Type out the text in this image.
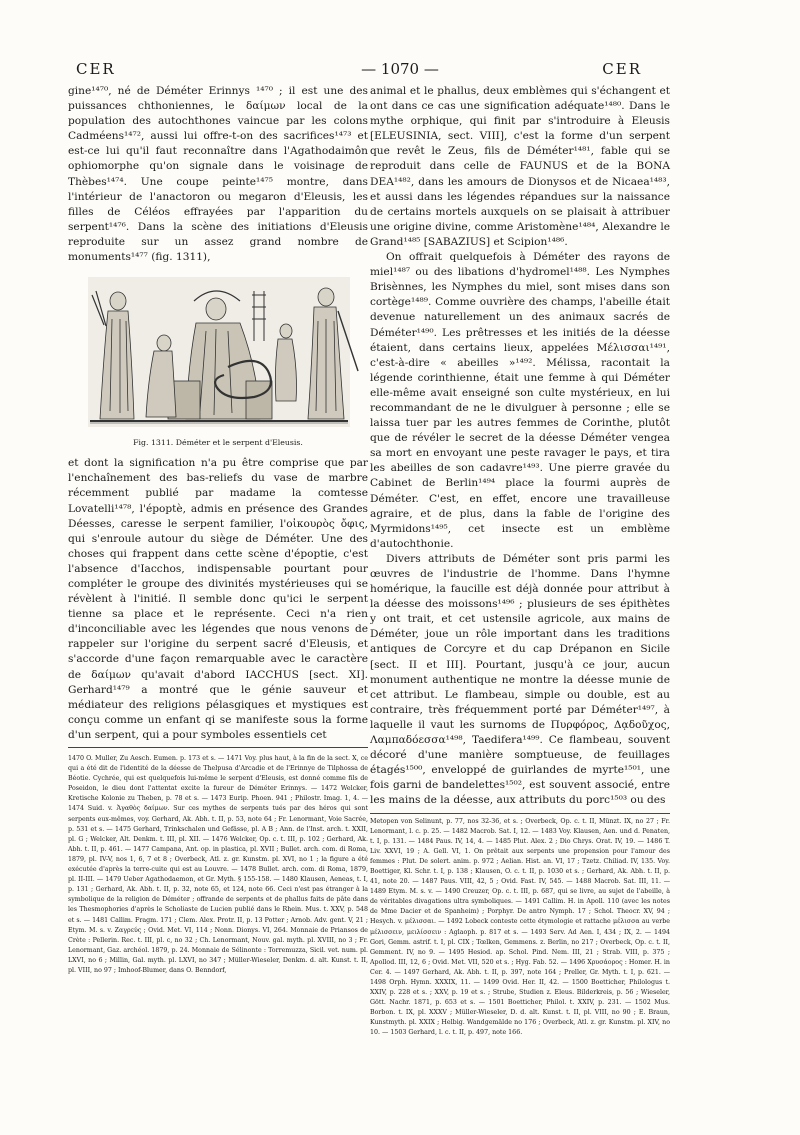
CER	— 1070 —	CER

gine¹⁴⁷⁰, né de Déméter Erinnys ¹⁴⁷⁰ ; il est une des puissances chthoniennes, le δαίμων local de la population des autochthones vaincue par les colons Cadméens¹⁴⁷², aussi lui offre-t-on des sacrifices¹⁴⁷³ et est-ce lui qu'il faut reconnaître dans l'Agathodaimôn ophiomorphe qu'on signale dans le voisinage de Thèbes¹⁴⁷⁴. Une coupe peinte¹⁴⁷⁵ montre, dans l'intérieur de l'anactoron ou megaron d'Eleusis, les filles de Céléos effrayées par l'apparition du serpent¹⁴⁷⁶. Dans la scène des initiations d'Eleusis reproduite sur un assez grand nombre de monuments¹⁴⁷⁷ (fig. 1311),

Fig. 1311. Déméter et le serpent d'Eleusis.

et dont la signification n'a pu être comprise que par l'enchaînement des bas-reliefs du vase de marbre récemment publié par madame la comtesse Lovatelli¹⁴⁷⁸, l'époptè, admis en présence des Grandes Déesses, caresse le serpent familier, l'οἰκουρὸς ὄφις, qui s'enroule autour du siège de Déméter. Une des choses qui frappent dans cette scène d'époptie, c'est l'absence d'Iacchos, indispensable pourtant pour compléter le groupe des divinités mystérieuses qui se révèlent à l'initié. Il semble donc qu'ici le serpent tienne sa place et le représente. Ceci n'a rien d'inconciliable avec les légendes que nous venons de rappeler sur l'origine du serpent sacré d'Eleusis, et s'accorde d'une façon remarquable avec le caractère de δαίμων qu'avait d'abord IACCHUS [sect. XI]. Gerhard¹⁴⁷⁹ a montré que le génie sauveur et médiateur des religions pélasgiques et mystiques est conçu comme un enfant qi se manifeste sous la forme d'un serpent, qui a pour symboles essentiels cet

1470 O. Muller, Zu Aesch. Eumen. p. 173 et s. — 1471 Voy. plus haut, à la fin de la sect. X, ce qui a été dit de l'identité de la déesse de Thelpusa d'Arcadie et de l'Erinnye de Tilphossa de Béotie. Cychrée, qui est quelquefois lui-même le serpent d'Eleusis, est donné comme fils de Poseidon, le dieu dont l'attentat excite la fureur de Déméter Erinnys. — 1472 Welcker, Kretische Kolonie zu Theben, p. 78 et s. — 1473 Eurip. Phoen. 941 ; Philostr. Imag. 1, 4. — 1474 Suid. v. Ἀγαθὸς δαίμων. Sur ces mythes de serpents tués par des héros qui sont serpents eux-mêmes, voy. Gerhard, Ak. Abh. t. II, p. 53, note 64 ; Fr. Lenormant, Voie Sacrée, p. 531 et s. — 1475 Gerhard, Trinkschalen und Gefässe, pl. A B ; Ann. de l'Inst. arch. t. XXII, pl. G ; Welcker, Alt. Denkm. t. III, pl. XII. — 1476 Welcker, Op. c. t. III, p. 102 ; Gerhard, Ak. Abh. t. II, p. 461. — 1477 Campana, Ant. op. in plastica, pl. XVII ; Bullet. arch. com. di Roma, 1879, pl. IV-V, nos 1, 6, 7 et 8 ; Overbeck, Atl. z. gr. Kunstm. pl. XVI, no 1 ; la figure a été exécutée d'après la terre-cuite qui est au Louvre. — 1478 Bullet. arch. com. di Roma, 1879, pl. II-III. — 1479 Ueber Agathodaemon, et Gr. Myth. § 155-158. — 1480 Klausen, Aeneas, t. I, p. 131 ; Gerhard, Ak. Abh. t. II, p. 32, note 65, et 124, note 66. Ceci n'est pas étranger à la symbolique de la religion de Déméter ; offrande de serpents et de phallus faits de pâte dans les Thesmophories d'après le Scholiaste de Lucien publié dans le Rhein. Mus. t. XXV, p. 548 et s. — 1481 Callim. Fragm. 171 ; Clem. Alex. Protr. II, p. 13 Potter ; Arnob. Adv. gent. V, 21 ; Etym. M. s. v. Ζαγρεύς ; Ovid. Met. VI, 114 ; Nonn. Dionys. VI, 264. Monnaie de Priansos de Crète : Pellerin. Rec. t. III, pl. c, no 32 ; Ch. Lenormant, Nouv. gal. myth. pl. XVIII, no 3 ; Fr. Lenormant, Gaz. archéol. 1879, p. 24. Monnaie de Sélinonte : Torremuzza, Sicil. vet. num. pl. LXVI, no 6 ; Millin, Gal. myth. pl. LXVI, no 347 ; Müller-Wieseler, Denkm. d. alt. Kunst. t. II, pl. VIII, no 97 ; Imhoof-Blumer, dans O. Benndorf,

animal et le phallus, deux emblèmes qui s'échangent et ont dans ce cas une signification adéquate¹⁴⁸⁰. Dans le mythe orphique, qui finit par s'introduire à Eleusis [ELEUSINIA, sect. VIII], c'est la forme d'un serpent que revêt le Zeus, fils de Déméter¹⁴⁸¹, fable qui se reproduit dans celle de FAUNUS et de la BONA DEA¹⁴⁸², dans les amours de Dionysos et de Nicaea¹⁴⁸³, et aussi dans les légendes répandues sur la naissance de certains mortels auxquels on se plaisait à attribuer une origine divine, comme Aristomène¹⁴⁸⁴, Alexandre le Grand¹⁴⁸⁵ [SABAZIUS] et Scipion¹⁴⁸⁶.

On offrait quelquefois à Déméter des rayons de miel¹⁴⁸⁷ ou des libations d'hydromel¹⁴⁸⁸. Les Nymphes Brisènnes, les Nymphes du miel, sont mises dans son cortège¹⁴⁸⁹. Comme ouvrière des champs, l'abeille était devenue naturellement un des animaux sacrés de Déméter¹⁴⁹⁰. Les prêtresses et les initiés de la déesse étaient, dans certains lieux, appelées Μέλισσαι¹⁴⁹¹, c'est-à-dire « abeilles »¹⁴⁹². Mélissa, racontait la légende corinthienne, était une femme à qui Déméter elle-même avait enseigné son culte mystérieux, en lui recommandant de ne le divulguer à personne ; elle se laissa tuer par les autres femmes de Corinthe, plutôt que de révéler le secret de la déesse Déméter vengea sa mort en envoyant une peste ravager le pays, et tira les abeilles de son cadavre¹⁴⁹³. Une pierre gravée du Cabinet de Berlin¹⁴⁹⁴ place la fourmi auprès de Déméter. C'est, en effet, encore une travailleuse agraire, et de plus, dans la fable de l'origine des Myrmidons¹⁴⁹⁵, cet insecte est un emblème d'autochthonie.

Divers attributs de Déméter sont pris parmi les œuvres de l'industrie de l'homme. Dans l'hymne homérique, la faucille est déjà donnée pour attribut à la déesse des moissons¹⁴⁹⁶ ; plusieurs de ses épithètes y ont trait, et cet ustensile agricole, aux mains de Déméter, joue un rôle important dans les traditions antiques de Corcyre et du cap Drépanon en Sicile [sect. II et III]. Pourtant, jusqu'à ce jour, aucun monument authentique ne montre la déesse munie de cet attribut. Le flambeau, simple ou double, est au contraire, très fréquemment porté par Déméter¹⁴⁹⁷, à laquelle il vaut les surnoms de Πυρφόρος, Δᾳδοῦχος, Λαμπαδόεσσα¹⁴⁹⁸, Taedifera¹⁴⁹⁹. Ce flambeau, souvent décoré d'une manière somptueuse, de feuillages étagés¹⁵⁰⁰, enveloppé de guirlandes de myrte¹⁵⁰¹, une fois garni de bandelettes¹⁵⁰², est souvent associé, entre les mains de la déesse, aux attributs du porc¹⁵⁰³ ou des

Metopen von Selinunt, p. 77, nos 32-36, et s. ; Overbeck, Op. c. t. II, Münzt. IX, no 27 ; Fr. Lenormant, l. c. p. 25. — 1482 Macrob. Sat. I, 12. — 1483 Voy. Klausen, Aen. und d. Penaten, t. I, p. 131. — 1484 Paus. IV, 14, 4. — 1485 Plut. Alex. 2 ; Dio Chrys. Orat. IV, 19. — 1486 T. Liv. XXVI, 19 ; A. Gell. VI, 1. On prêtait aux serpents une propension pour l'amour des femmes : Plut. De solert. anim. p. 972 ; Aelian. Hist. an. VI, 17 ; Tzetz. Chiliad. IV, 135. Voy. Boettiger, Kl. Schr. t. I, p. 138 ; Klausen, O. c. t. II, p. 1030 et s. ; Gerhard, Ak. Abh. t. II, p. 41, note 20. — 1487 Paus. VIII, 42, 5 ; Ovid. Fast. IV, 545. — 1488 Macrob. Sat. III, 11. — 1489 Etym. M. s. v. — 1490 Creuzer, Op. c. t. III, p. 687, qui se livre, au sujet de l'abeille, à de véritables divagations ultra symboliques. — 1491 Callim. H. in Apoll. 110 (avec les notes de Mme Dacier et de Spanheim) ; Porphyr. De antro Nymph. 17 ; Schol. Theocr. XV, 94 ; Hesych. v. μέλισσαι. — 1492 Lobeck conteste cette étymologie et rattache μέλισσα au verbe μέλισσειν, μειλίσσειν : Aglaoph. p. 817 et s. — 1493 Serv. Ad Aen. I, 434 ; IX, 2. — 1494 Gori, Gemm. astrif. t. I, pl. CIX ; Tœlken, Gemmens. z. Berlin, no 217 ; Overbeck, Op. c. t. II, Gemment. IV, no 9. — 1495 Hesiod. ap. Schol. Pind. Nem. III, 21 ; Strab. VIII, p. 375 ; Apollod. III, 12, 6 ; Ovid. Met. VII, 520 et s. ; Hyg. Fab. 52. — 1496 Χρυσάορος : Homer. H. in Cer. 4. — 1497 Gerhard, Ak. Abh. t. II, p. 397, note 164 ; Preller, Gr. Myth. t. I, p. 621. — 1498 Orph. Hymn. XXXIX, 11. — 1499 Ovid. Her. II, 42. — 1500 Boetticher, Philologus t. XXIV, p. 228 et s. ; XXV, p. 19 et s. ; Strube, Studien z. Eleus. Bilderkreis, p. 56 ; Wieseler, Gött. Nachr. 1871, p. 653 et s. — 1501 Boetticher, Philol. t. XXIV, p. 231. — 1502 Mus. Borbon. t. IX, pl. XXXV ; Müller-Wieseler, D. d. alt. Kunst. t. II, pl. VIII, no 90 ; E. Braun, Kunstmyth. pl. XXIX ; Helbig. Wandgemälde no 176 ; Overbeck, Atl. z. gr. Kunstm. pl. XIV, no 10. — 1503 Gerhard, l. c. t. II, p. 497, note 166.
